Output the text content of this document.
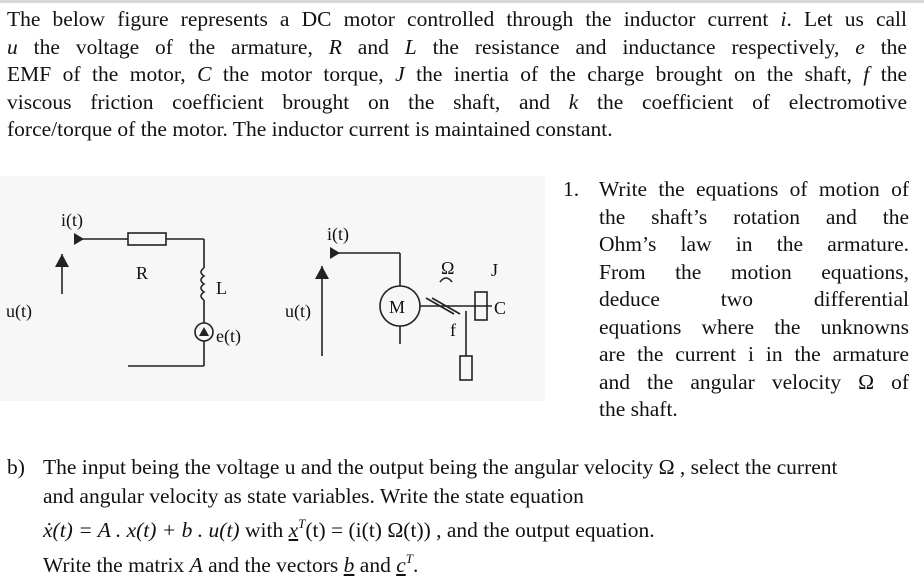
The below figure represents a DC motor controlled through the inductor current i. Let us call

u the voltage of the armature, R and L the resistance and inductance respectively, e the

EMF of the motor, C the motor torque, J the inertia of the charge brought on the shaft, f the

viscous friction coefficient brought on the shaft, and k the coefficient of electromotive

force/torque of the motor. The inductor current is maintained constant.

i(t)
u(t)
R
L
e(t)
i(t)
u(t)	M
Ω J
f
C
1. Write the equations of motion of
the shaft’s rotation and the
Ohm’s law in the armature.
From the motion equations,
deduce two differential
equations where the unknowns
are the current i in the armature
and the angular velocity Ω of
the shaft.
b) The input being the voltage u and the output being the angular velocity Ω , select the current
and angular velocity as state variables. Write the state equation
ẋ(t) = A . x(t) + b . u(t) with $x^T(t) = (i(t)$ Ω(t)) , and the output equation.
Write the matrix A and the vectors b and $c^T$.
